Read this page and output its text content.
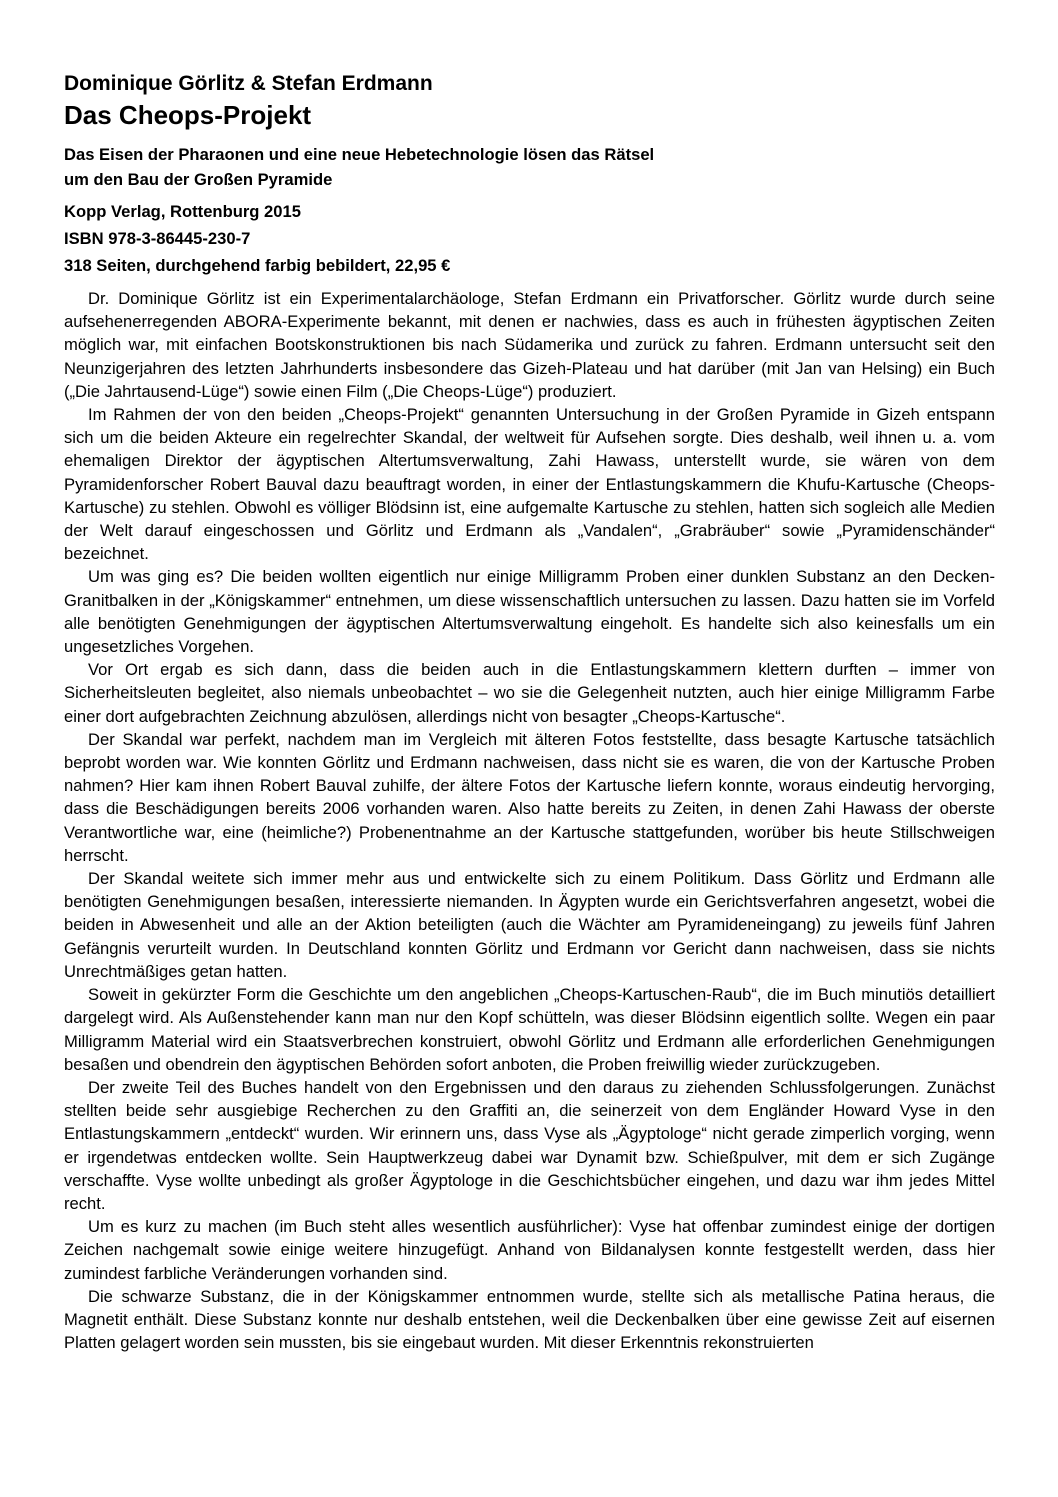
Dominique Görlitz & Stefan Erdmann
Das Cheops-Projekt
Das Eisen der Pharaonen und eine neue Hebetechnologie lösen das Rätsel
um den Bau der Großen Pyramide
Kopp Verlag, Rottenburg 2015
ISBN 978-3-86445-230-7
318 Seiten, durchgehend farbig bebildert, 22,95 €

Dr. Dominique Görlitz ist ein Experimentalarchäologe, Stefan Erdmann ein Privatforscher. Görlitz wurde durch seine aufsehenerregenden ABORA-Experimente bekannt, mit denen er nachwies, dass es auch in frühesten ägyptischen Zeiten möglich war, mit einfachen Bootskonstruktionen bis nach Südamerika und zurück zu fahren. Erdmann untersucht seit den Neunzigerjahren des letzten Jahrhunderts insbesondere das Gizeh-Plateau und hat darüber (mit Jan van Helsing) ein Buch („Die Jahrtausend-Lüge“) sowie einen Film („Die Cheops-Lüge“) produziert.

Im Rahmen der von den beiden „Cheops-Projekt“ genannten Untersuchung in der Großen Pyramide in Gizeh entspann sich um die beiden Akteure ein regelrechter Skandal, der weltweit für Aufsehen sorgte. Dies deshalb, weil ihnen u. a. vom ehemaligen Direktor der ägyptischen Altertumsverwaltung, Zahi Hawass, unterstellt wurde, sie wären von dem Pyramidenforscher Robert Bauval dazu beauftragt worden, in einer der Entlastungskammern die Khufu-Kartusche (Cheops-Kartusche) zu stehlen. Obwohl es völliger Blödsinn ist, eine aufgemalte Kartusche zu stehlen, hatten sich sogleich alle Medien der Welt darauf eingeschossen und Görlitz und Erdmann als „Vandalen“, „Grabräuber“ sowie „Pyramidenschänder“ bezeichnet.

Um was ging es? Die beiden wollten eigentlich nur einige Milligramm Proben einer dunklen Substanz an den Decken-Granitbalken in der „Königskammer“ entnehmen, um diese wissenschaftlich untersuchen zu lassen. Dazu hatten sie im Vorfeld alle benötigten Genehmigungen der ägyptischen Altertumsverwaltung eingeholt. Es handelte sich also keinesfalls um ein ungesetzliches Vorgehen.

Vor Ort ergab es sich dann, dass die beiden auch in die Entlastungskammern klettern durften – immer von Sicherheitsleuten begleitet, also niemals unbeobachtet – wo sie die Gelegenheit nutzten, auch hier einige Milligramm Farbe einer dort aufgebrachten Zeichnung abzulösen, allerdings nicht von besagter „Cheops-Kartusche“.

Der Skandal war perfekt, nachdem man im Vergleich mit älteren Fotos feststellte, dass besagte Kartusche tatsächlich beprobt worden war. Wie konnten Görlitz und Erdmann nachweisen, dass nicht sie es waren, die von der Kartusche Proben nahmen? Hier kam ihnen Robert Bauval zuhilfe, der ältere Fotos der Kartusche liefern konnte, woraus eindeutig hervorging, dass die Beschädigungen bereits 2006 vorhanden waren. Also hatte bereits zu Zeiten, in denen Zahi Hawass der oberste Verantwortliche war, eine (heimliche?) Probenentnahme an der Kartusche stattgefunden, worüber bis heute Stillschweigen herrscht.

Der Skandal weitete sich immer mehr aus und entwickelte sich zu einem Politikum. Dass Görlitz und Erdmann alle benötigten Genehmigungen besaßen, interessierte niemanden. In Ägypten wurde ein Gerichtsverfahren angesetzt, wobei die beiden in Abwesenheit und alle an der Aktion beteiligten (auch die Wächter am Pyramideneingang) zu jeweils fünf Jahren Gefängnis verurteilt wurden. In Deutschland konnten Görlitz und Erdmann vor Gericht dann nachweisen, dass sie nichts Unrechtmäßiges getan hatten.

Soweit in gekürzter Form die Geschichte um den angeblichen „Cheops-Kartuschen-Raub“, die im Buch minutiös detailliert dargelegt wird. Als Außenstehender kann man nur den Kopf schütteln, was dieser Blödsinn eigentlich sollte. Wegen ein paar Milligramm Material wird ein Staatsverbrechen konstruiert, obwohl Görlitz und Erdmann alle erforderlichen Genehmigungen besaßen und obendrein den ägyptischen Behörden sofort anboten, die Proben freiwillig wieder zurückzugeben.

Der zweite Teil des Buches handelt von den Ergebnissen und den daraus zu ziehenden Schlussfolgerungen. Zunächst stellten beide sehr ausgiebige Recherchen zu den Graffiti an, die seinerzeit von dem Engländer Howard Vyse in den Entlastungskammern „entdeckt“ wurden. Wir erinnern uns, dass Vyse als „Ägyptologe“ nicht gerade zimperlich vorging, wenn er irgendetwas entdecken wollte. Sein Hauptwerkzeug dabei war Dynamit bzw. Schießpulver, mit dem er sich Zugänge verschaffte. Vyse wollte unbedingt als großer Ägyptologe in die Geschichtsbücher eingehen, und dazu war ihm jedes Mittel recht.

Um es kurz zu machen (im Buch steht alles wesentlich ausführlicher): Vyse hat offenbar zumindest einige der dortigen Zeichen nachgemalt sowie einige weitere hinzugefügt. Anhand von Bildanalysen konnte festgestellt werden, dass hier zumindest farbliche Veränderungen vorhanden sind.

Die schwarze Substanz, die in der Königskammer entnommen wurde, stellte sich als metallische Patina heraus, die Magnetit enthält. Diese Substanz konnte nur deshalb entstehen, weil die Deckenbalken über eine gewisse Zeit auf eisernen Platten gelagert worden sein mussten, bis sie eingebaut wurden. Mit dieser Erkenntnis rekonstruierten
